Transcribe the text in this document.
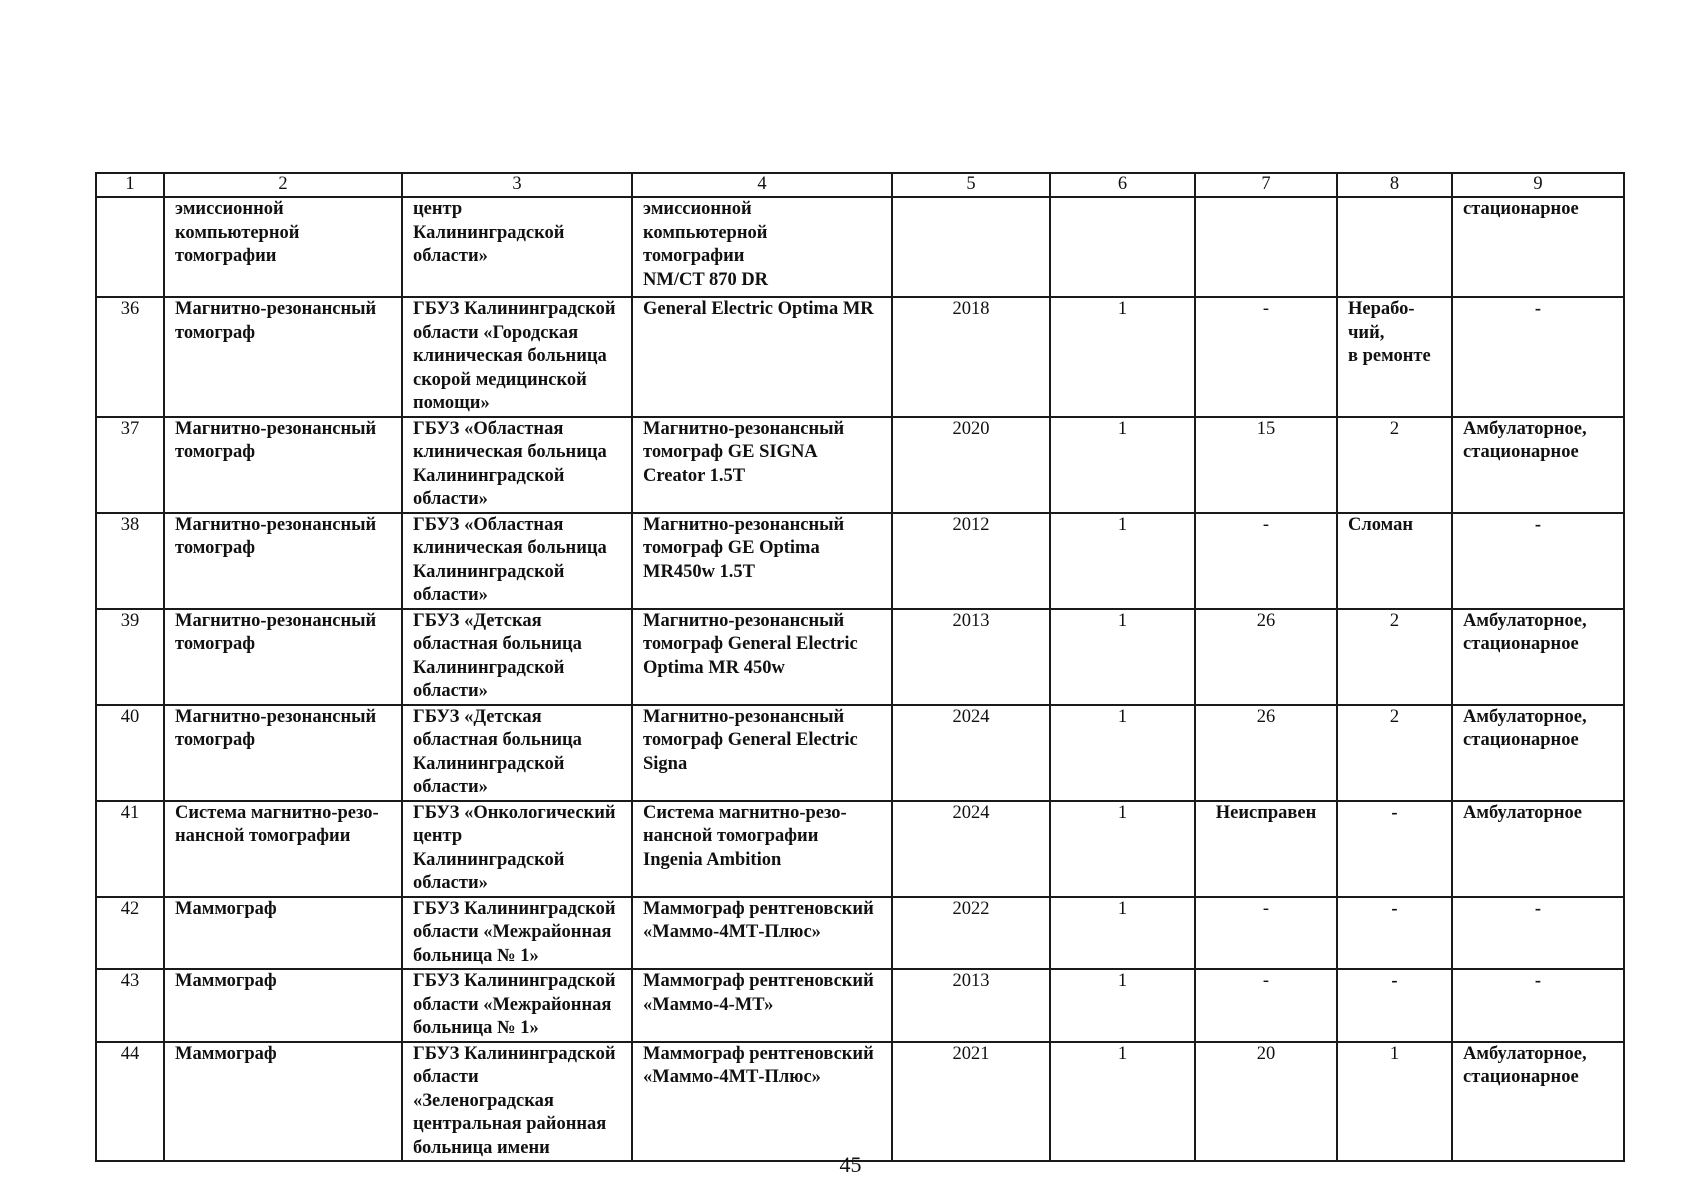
1	2	3	4	5	6	7	8	9
	эмиссионной
компьютерной
томографии	центр
Калининградской
области»	эмиссионной
компьютерной
томографии
NM/CT 870 DR					стационарное
36	Магнитно-резонансный
томограф	ГБУЗ Калининградской
области «Городская
клиническая больница
скорой медицинской
помощи»	General Electric Optima MR	2018	1	-	Нерабо-
чий,
в ремонте	-
37	Магнитно-резонансный
томограф	ГБУЗ «Областная
клиническая больница
Калининградской
области»	Магнитно-резонансный
томограф GE SIGNA
Creator 1.5T	2020	1	15	2	Амбулаторное,
стационарное
38	Магнитно-резонансный
томограф	ГБУЗ «Областная
клиническая больница
Калининградской
области»	Магнитно-резонансный
томограф GE Optima
MR450w 1.5T	2012	1	-	Сломан	-
39	Магнитно-резонансный
томограф	ГБУЗ «Детская
областная больница
Калининградской
области»	Магнитно-резонансный
томограф General Electric
Optima MR 450w	2013	1	26	2	Амбулаторное,
стационарное
40	Магнитно-резонансный
томограф	ГБУЗ «Детская
областная больница
Калининградской
области»	Магнитно-резонансный
томограф General Electric
Signa	2024	1	26	2	Амбулаторное,
стационарное
41	Система магнитно-резо-
нансной томографии	ГБУЗ «Онкологический
центр
Калининградской
области»	Система магнитно-резо-
нансной томографии
Ingenia Ambition	2024	1	Неисправен	-	Амбулаторное
42	Маммограф	ГБУЗ Калининградской
области «Межрайонная
больница № 1»	Маммограф рентгеновский
«Маммо-4МТ-Плюс»	2022	1	-	-	-
43	Маммограф	ГБУЗ Калининградской
области «Межрайонная
больница № 1»	Маммограф рентгеновский
«Маммо-4-МТ»	2013	1	-	-	-
44	Маммограф	ГБУЗ Калининградской
области
«Зеленоградская
центральная районная
больница имени	Маммограф рентгеновский
«Маммо-4МТ-Плюс»	2021	1	20	1	Амбулаторное,
стационарное
45
